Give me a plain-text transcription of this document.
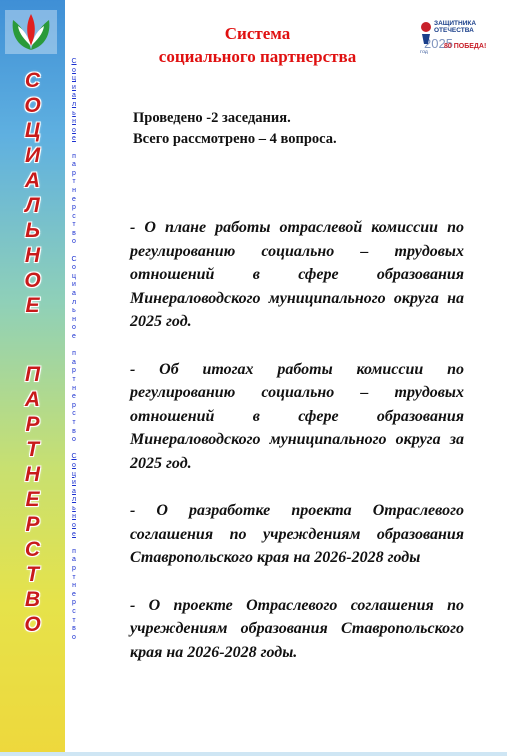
С
О
Ц
И
А
Л
Ь
Н
О
Е
П
А
Р
Т
Н
Е
Р
С
Т
В
О
С
о
ц
и
а
л
ь
н
о
е

п
а
р
т
н
е
р
с
т
в
о

С
о
ц
и
а
л
ь
н
о
е

п
а
р
т
н
е
р
с
т
в
о

С
о
ц
и
а
л
ь
н
о
е

п
а
р
т
н
е
р
с
т
в
о
Система
социального партнерства
ЗАЩИТНИКА
ОТЕЧЕСТВА
2025
ГОД
80 ПОБЕДА!
Проведено -2 заседания.
Всего рассмотрено – 4 вопроса.

- О плане работы отраслевой комиссии по регулированию социально – трудовых отношений в сфере образования Минераловодского муниципального округа на 2025 год.

- Об итогах работы комиссии по регулированию социально – трудовых отношений в сфере образования Минераловодского муниципального округа за 2025 год.

- О разработке проекта Отраслевого соглашения по учреждениям образования Ставропольского края на 2026-2028 годы

- О проекте Отраслевого соглашения по учреждениям образования Ставропольского края на 2026-2028 годы.
